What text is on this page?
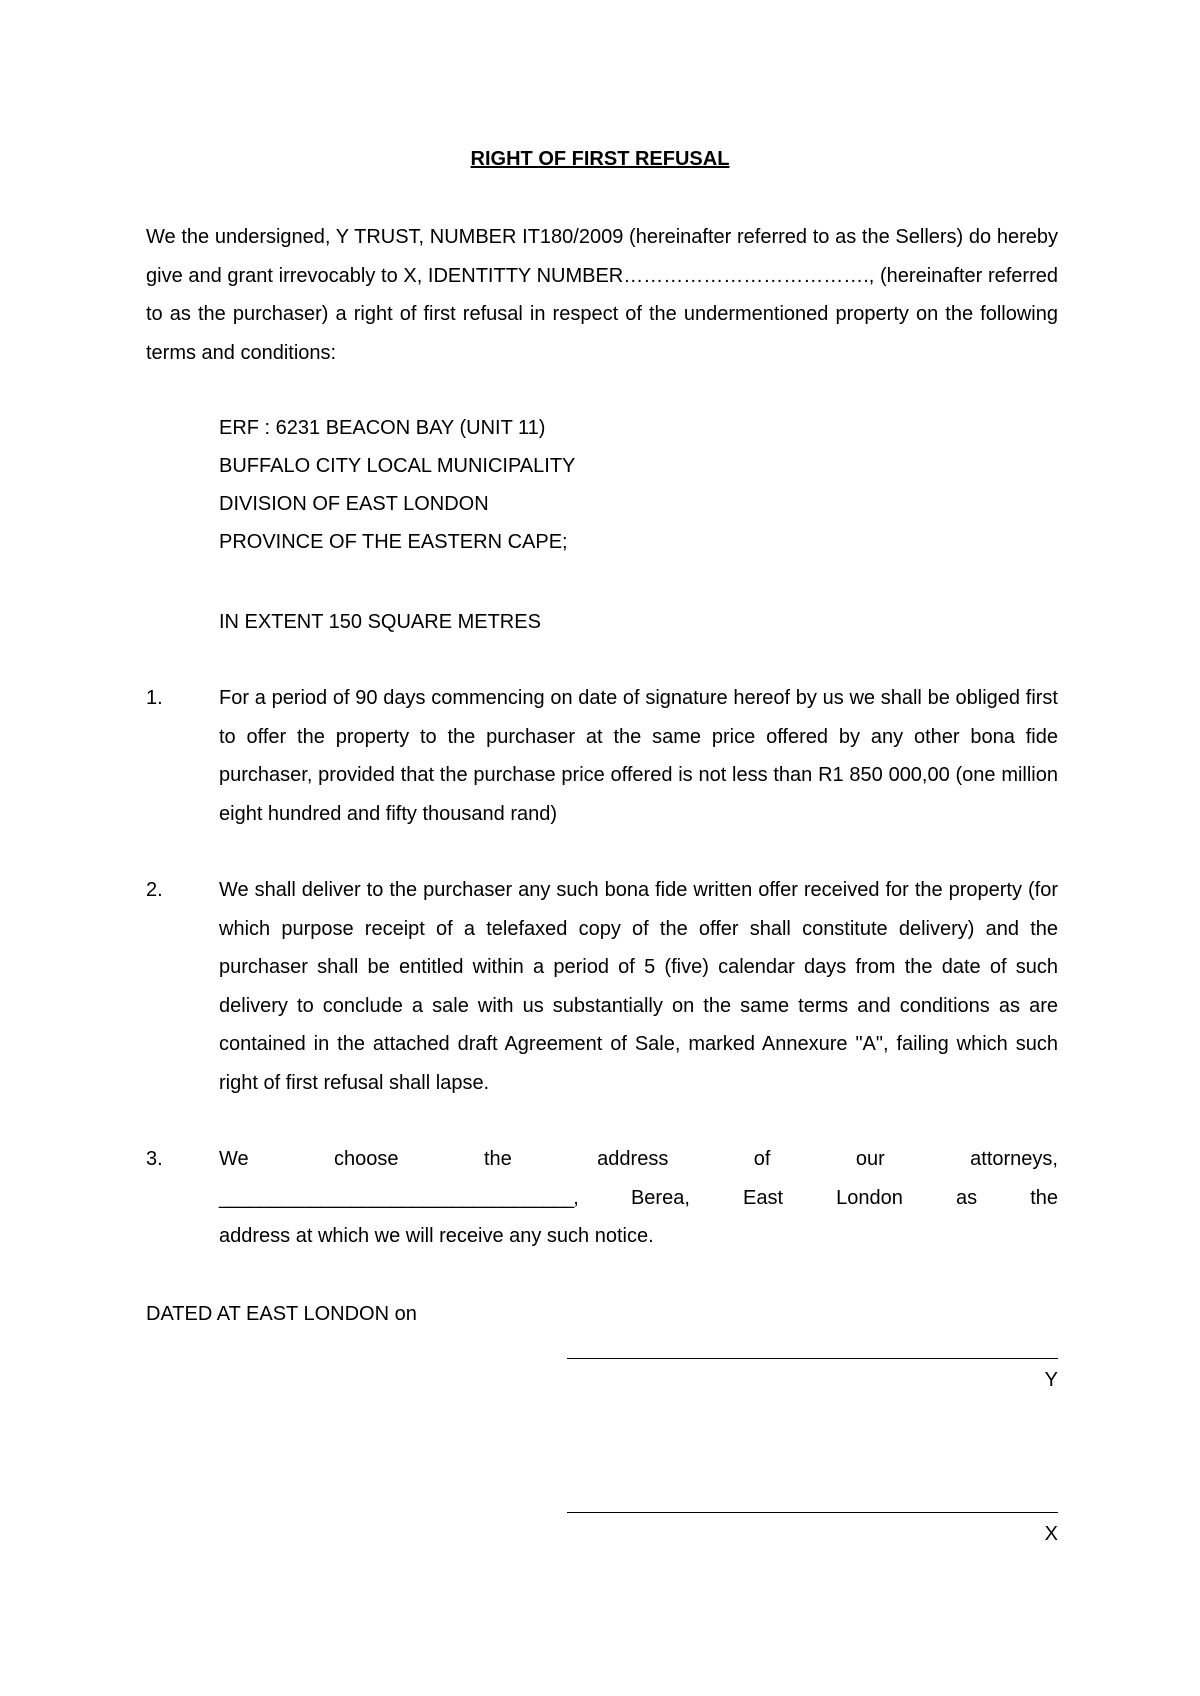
RIGHT OF FIRST REFUSAL

We the undersigned, Y TRUST, NUMBER IT180/2009 (hereinafter referred to as the Sellers) do hereby give and grant irrevocably to X, IDENTITTY NUMBER………………………………., (hereinafter referred to as the purchaser) a right of first refusal in respect of the undermentioned property on the following terms and conditions:

ERF : 6231 BEACON BAY (UNIT 11)
BUFFALO CITY LOCAL MUNICIPALITY
DIVISION OF EAST LONDON
PROVINCE OF THE EASTERN CAPE;

IN EXTENT 150 SQUARE METRES

1.	For a period of 90 days commencing on date of signature hereof by us we shall be obliged first to offer the property to the purchaser at the same price offered by any other bona fide purchaser, provided that the purchase price offered is not less than R1 850 000,00 (one million eight hundred and fifty thousand rand)
2.	We shall deliver to the purchaser any such bona fide written offer received for the property (for which purpose receipt of a telefaxed copy of the offer shall constitute delivery) and the purchaser shall be entitled within a period of 5 (five) calendar days from the date of such delivery to conclude a sale with us substantially on the same terms and conditions as are contained in the attached draft Agreement of Sale, marked Annexure "A", failing which such right of first refusal shall lapse.
3.	We	choose	the	address	of	our	attorneys,
___________________________________,	Berea,	East	London	as	the
address at which we will receive any such notice.

DATED AT EAST LONDON on

Y
X
